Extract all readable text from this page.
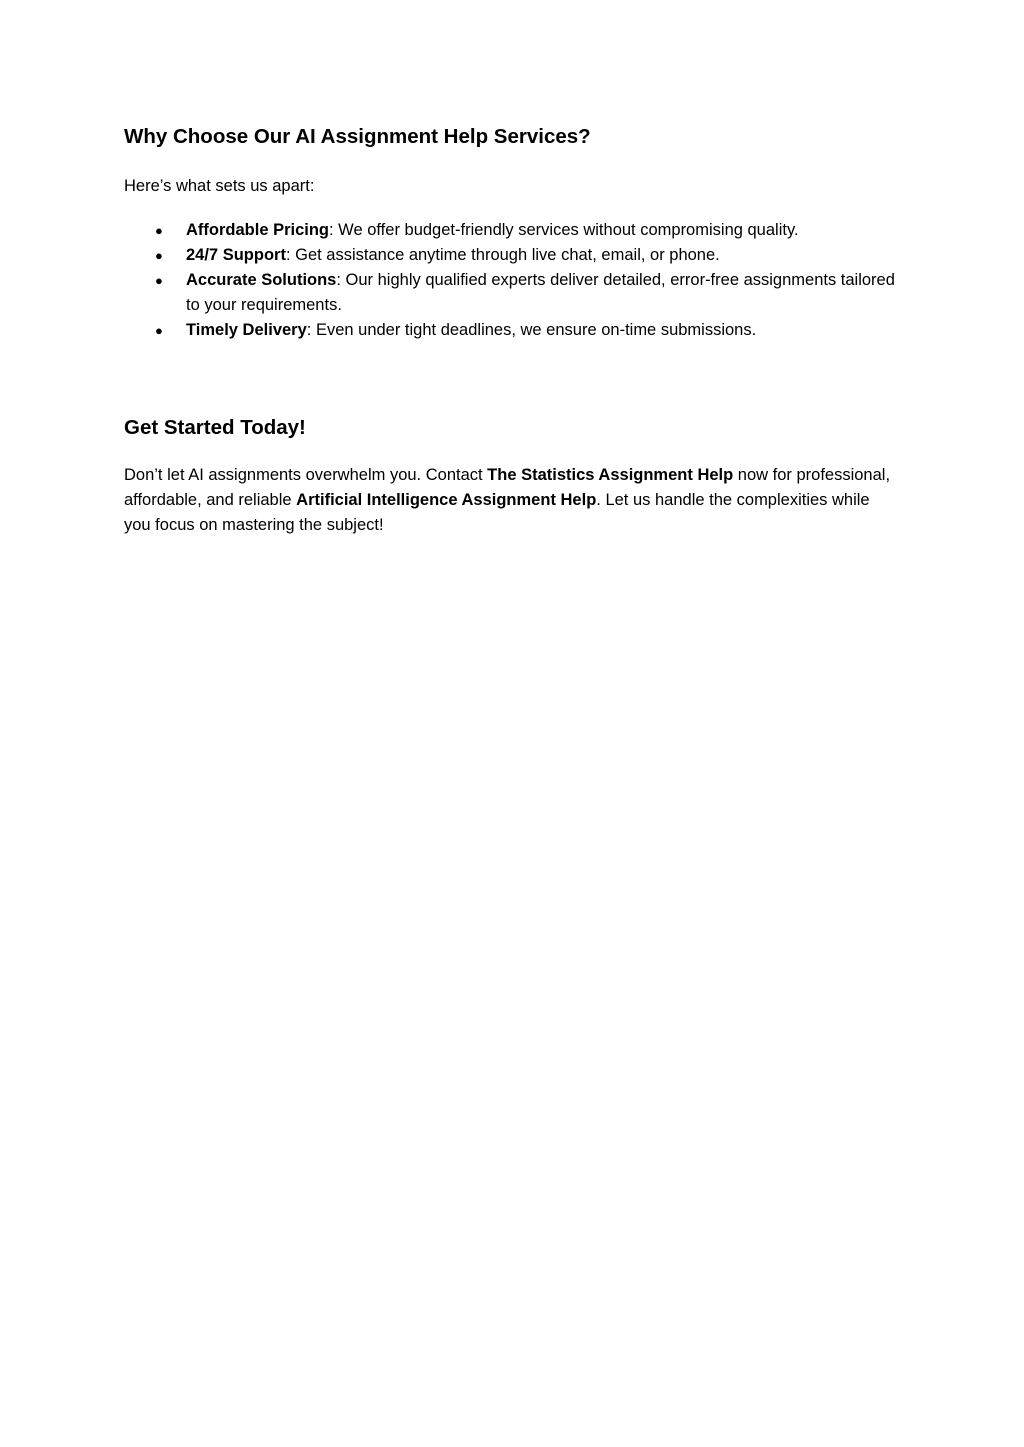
Why Choose Our AI Assignment Help Services?

Here’s what sets us apart:

● Affordable Pricing: We offer budget-friendly services without compromising quality.
● 24/7 Support: Get assistance anytime through live chat, email, or phone.
● Accurate Solutions: Our highly qualified experts deliver detailed, error-free assignments tailored to your requirements.
● Timely Delivery: Even under tight deadlines, we ensure on-time submissions.
Get Started Today!

Don’t let AI assignments overwhelm you. Contact The Statistics Assignment Help now for professional, affordable, and reliable Artificial Intelligence Assignment Help. Let us handle the complexities while you focus on mastering the subject!
